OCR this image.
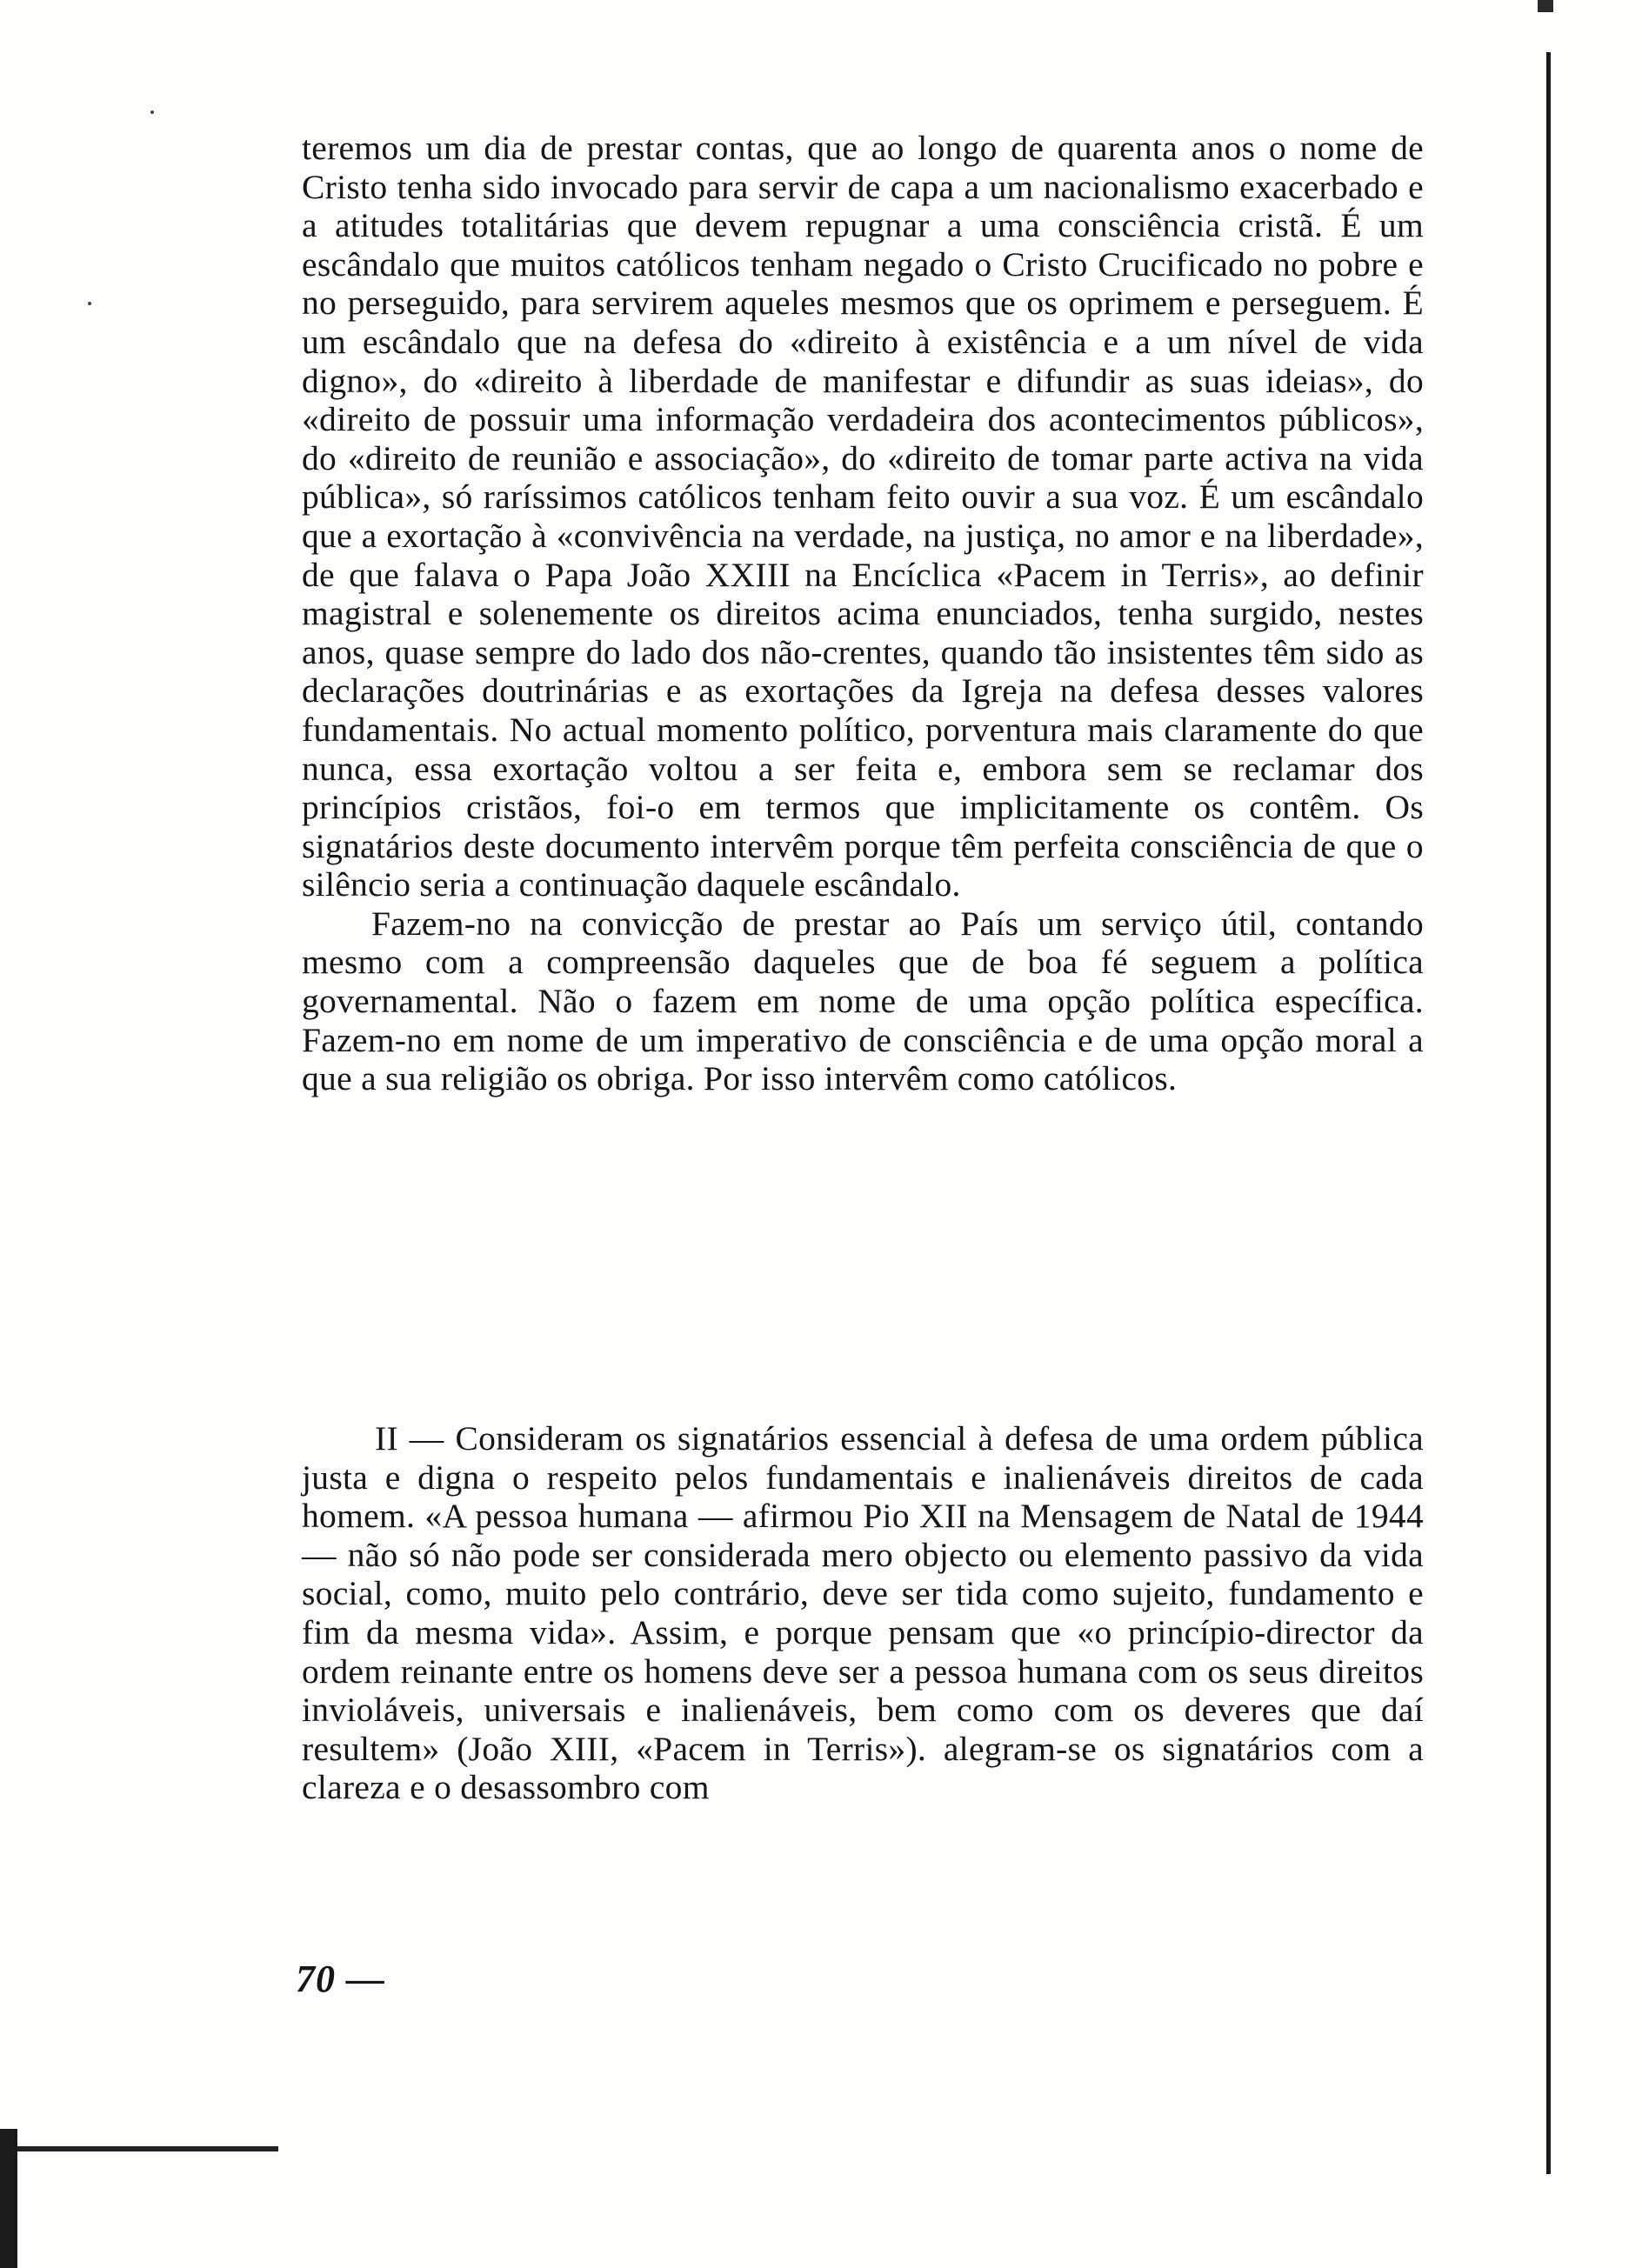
teremos um dia de prestar contas, que ao longo de quarenta anos o nome de Cristo tenha sido invocado para servir de capa a um nacionalismo exacerbado e a atitudes totalitárias que devem repugnar a uma consciência cristã. É um escândalo que muitos católicos tenham negado o Cristo Crucificado no pobre e no perseguido, para servirem aqueles mesmos que os oprimem e perseguem. É um escândalo que na defesa do «direito à existência e a um nível de vida digno», do «direito à liberdade de manifestar e difundir as suas ideias», do «direito de possuir uma informação verdadeira dos acontecimentos públicos», do «direito de reunião e associação», do «direito de tomar parte activa na vida pública», só raríssimos católicos tenham feito ouvir a sua voz. É um escândalo que a exortação à «convivência na verdade, na justiça, no amor e na liberdade», de que falava o Papa João XXIII na Encíclica «Pacem in Terris», ao definir magistral e solenemente os direitos acima enunciados, tenha surgido, nestes anos, quase sempre do lado dos não-crentes, quando tão insistentes têm sido as declarações doutrinárias e as exortações da Igreja na defesa desses valores fundamentais. No actual momento político, porventura mais claramente do que nunca, essa exortação voltou a ser feita e, embora sem se reclamar dos princípios cristãos, foi-o em termos que implicitamente os contêm. Os signatários deste documento intervêm porque têm perfeita consciência de que o silêncio seria a continuação daquele escândalo.

Fazem-no na convicção de prestar ao País um serviço útil, contando mesmo com a compreensão daqueles que de boa fé seguem a política governamental. Não o fazem em nome de uma opção política específica. Fazem-no em nome de um imperativo de consciência e de uma opção moral a que a sua religião os obriga. Por isso intervêm como católicos.

II — Consideram os signatários essencial à defesa de uma ordem pública justa e digna o respeito pelos fundamentais e inalienáveis direitos de cada homem. «A pessoa humana — afirmou Pio XII na Mensagem de Natal de 1944 — não só não pode ser considerada mero objecto ou elemento passivo da vida social, como, muito pelo contrário, deve ser tida como sujeito, fundamento e fim da mesma vida». Assim, e porque pensam que «o princípio-director da ordem reinante entre os homens deve ser a pessoa humana com os seus direitos invioláveis, universais e inalienáveis, bem como com os deveres que daí resultem» (João XIII, «Pacem in Terris»). alegram-se os signatários com a clareza e o desassombro com

70 —
